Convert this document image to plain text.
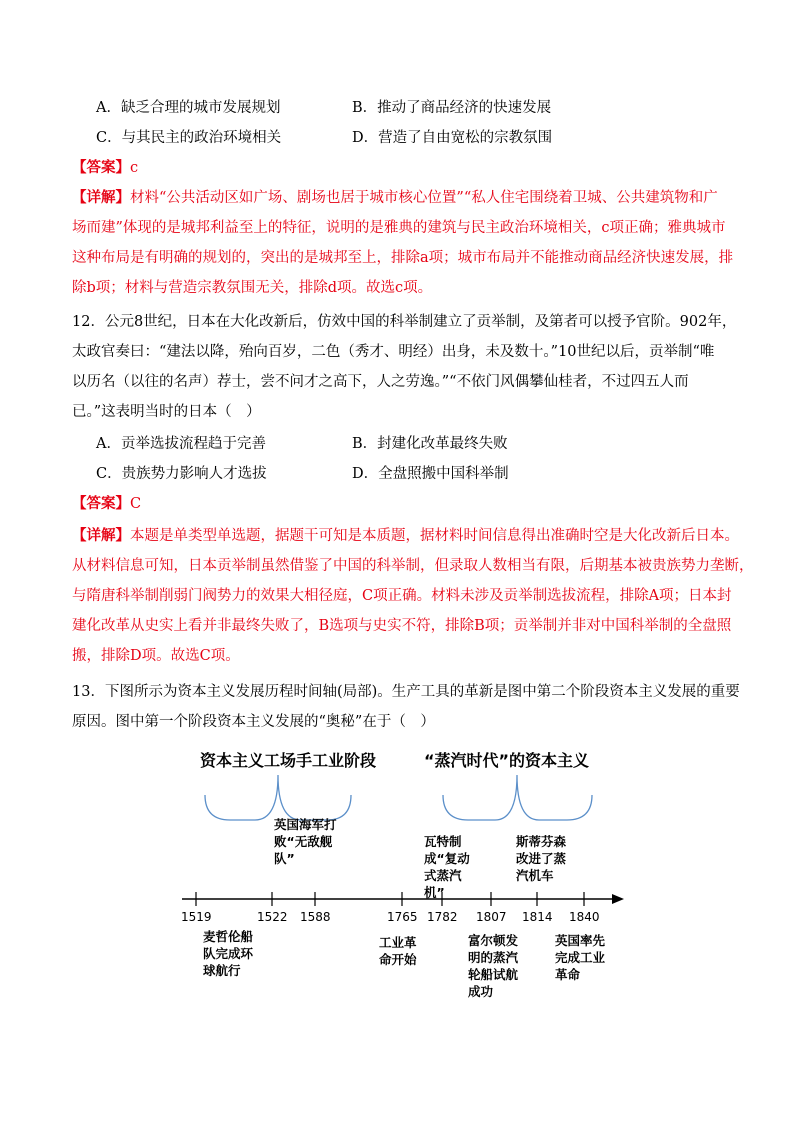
A．缺乏合理的城市发展规划	B．推动了商品经济的快速发展
C．与其民主的政治环境相关	D．营造了自由宽松的宗教氛围
【答案】c
【详解】材料“公共活动区如广场、剧场也居于城市核心位置”“私人住宅围绕着卫城、公共建筑物和广
场而建”体现的是城邦利益至上的特征，说明的是雅典的建筑与民主政治环境相关，c项正确；雅典城市
这种布局是有明确的规划的，突出的是城邦至上，排除a项；城市布局并不能推动商品经济快速发展，排
除b项；材料与营造宗教氛围无关，排除d项。故选c项。
12．公元8世纪，日本在大化改新后，仿效中国的科举制建立了贡举制，及第者可以授予官阶。902年，
太政官奏曰：“建法以降，殆向百岁，二色（秀才、明经）出身，未及数十。”10世纪以后，贡举制“唯
以历名（以往的名声）荐士，尝不问才之高下，人之劳逸。”“不依门风偶攀仙桂者，不过四五人而
已。”这表明当时的日本（　）
A．贡举选拔流程趋于完善	B．封建化改革最终失败
C．贵族势力影响人才选拔	D．全盘照搬中国科举制
【答案】C
【详解】本题是单类型单选题，据题干可知是本质题，据材料时间信息得出准确时空是大化改新后日本。
从材料信息可知，日本贡举制虽然借鉴了中国的科举制，但录取人数相当有限，后期基本被贵族势力垄断，
与隋唐科举制削弱门阀势力的效果大相径庭，C项正确。材料未涉及贡举制选拔流程，排除A项；日本封
建化改革从史实上看并非最终失败了，B选项与史实不符，排除B项；贡举制并非对中国科举制的全盘照
搬，排除D项。故选C项。
13．下图所示为资本主义发展历程时间轴(局部)。生产工具的革新是图中第二个阶段资本主义发展的重要
原因。图中第一个阶段资本主义发展的“奥秘”在于（　）
资本主义工场手工业阶段	“蒸汽时代”的资本主义
英国海军打败“无敌舰队”
瓦特制成“复动式蒸汽机”
斯蒂芬森改进了蒸汽机车
1519	1522 1588	1765 1782 1807 1814 1840
麦哲伦船队完成环球航行
工业革命开始
富尔顿发明的蒸汽轮船试航成功
英国率先完成工业革命
